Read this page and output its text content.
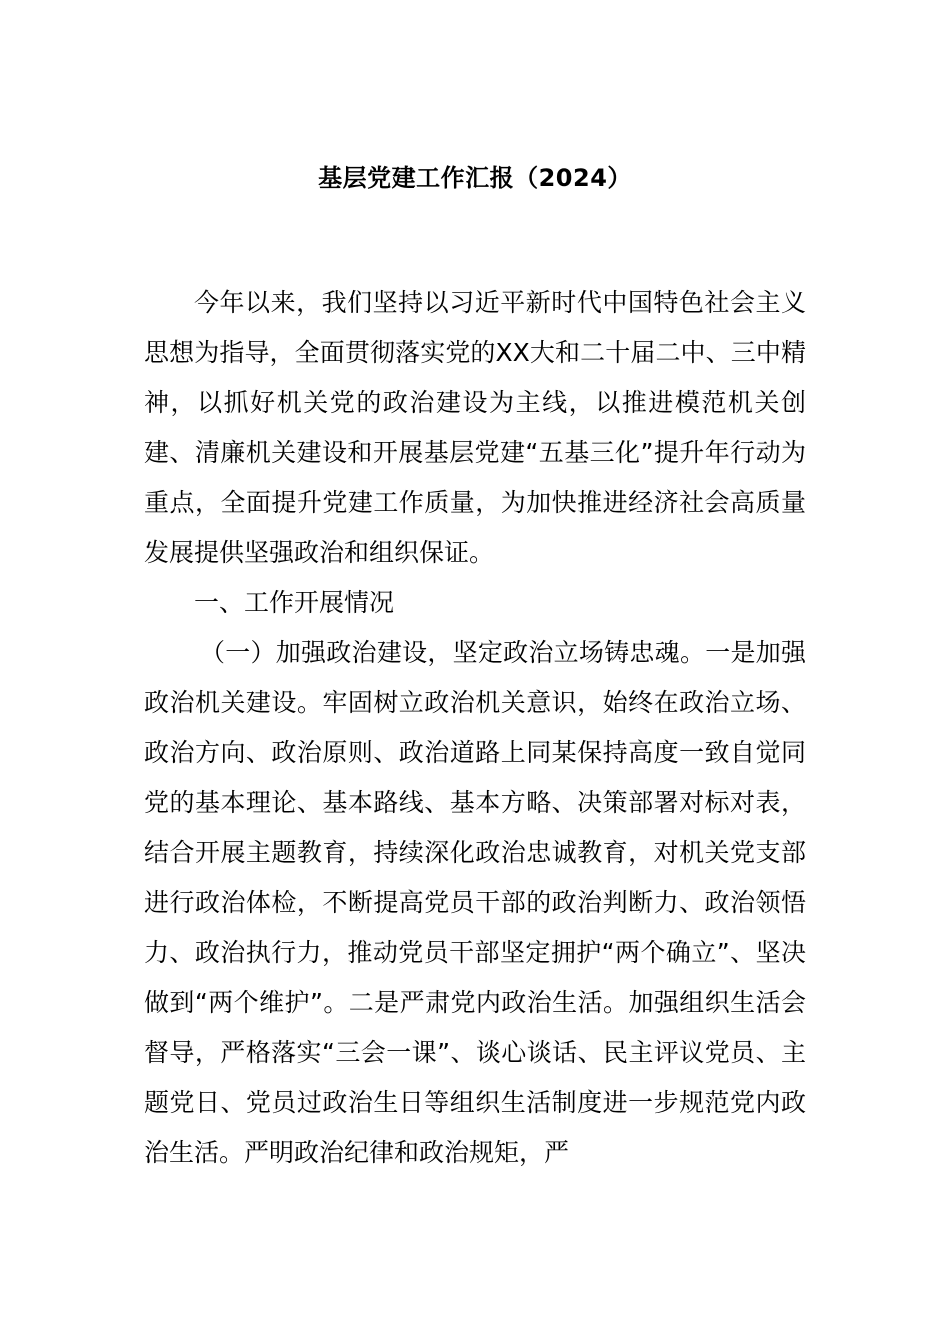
基层党建工作汇报（2024）

今年以来，我们坚持以习近平新时代中国特色社会主义思想为指导，全面贯彻落实党的XX大和二十届二中、三中精神，以抓好机关党的政治建设为主线，以推进模范机关创建、清廉机关建设和开展基层党建“五基三化”提升年行动为重点，全面提升党建工作质量，为加快推进经济社会高质量发展提供坚强政治和组织保证。

一、工作开展情况

（一）加强政治建设，坚定政治立场铸忠魂。一是加强政治机关建设。牢固树立政治机关意识，始终在政治立场、政治方向、政治原则、政治道路上同某保持高度一致自觉同党的基本理论、基本路线、基本方略、决策部署对标对表，结合开展主题教育，持续深化政治忠诚教育，对机关党支部进行政治体检，不断提高党员干部的政治判断力、政治领悟力、政治执行力，推动党员干部坚定拥护“两个确立”、坚决做到“两个维护”。二是严肃党内政治生活。加强组织生活会督导，严格落实“三会一课”、谈心谈话、民主评议党员、主题党日、党员过政治生日等组织生活制度进一步规范党内政治生活。严明政治纪律和政治规矩，严
